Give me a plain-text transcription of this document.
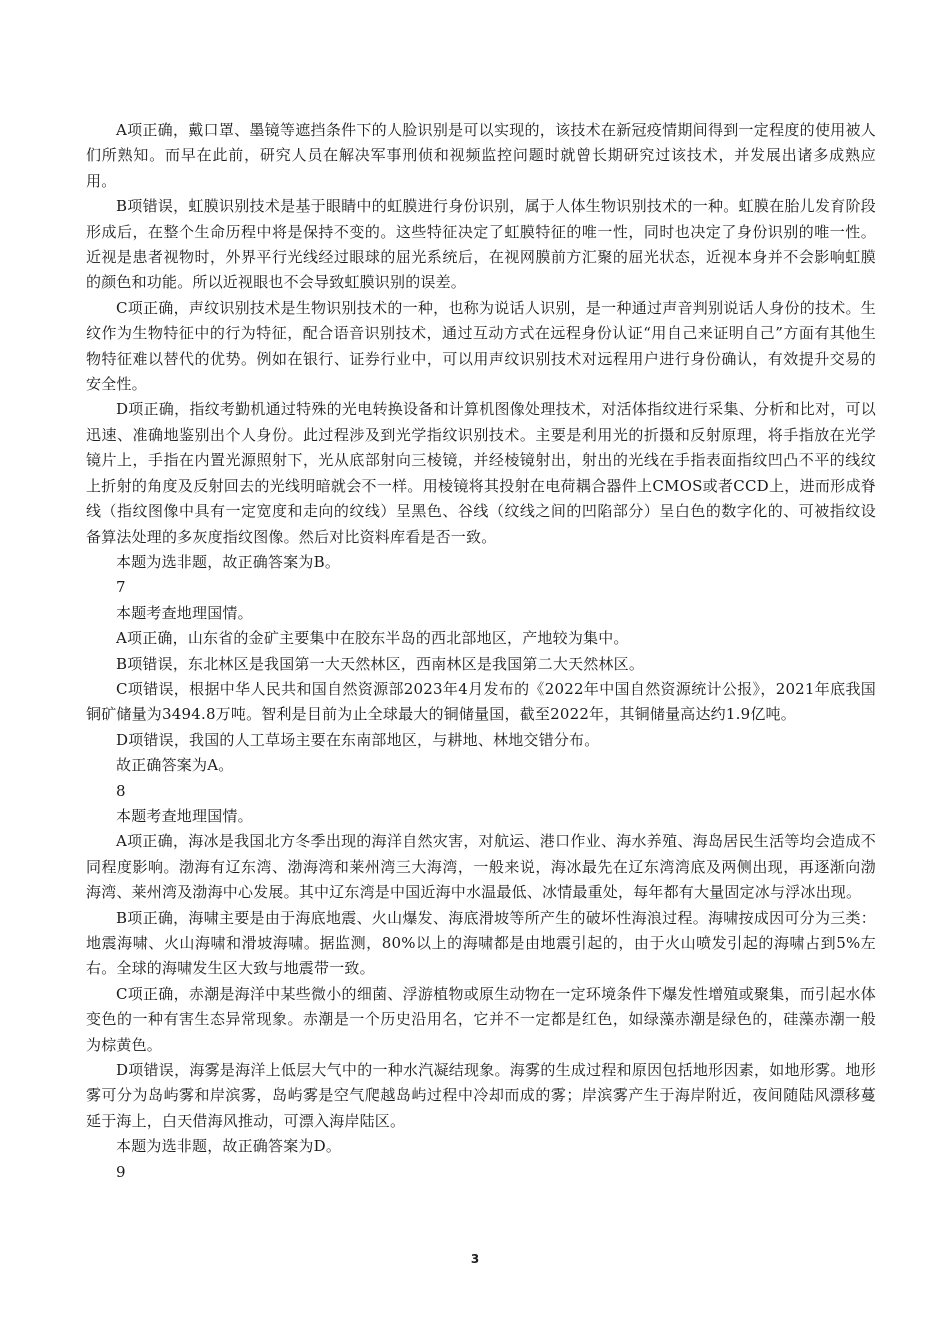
A项正确，戴口罩、墨镜等遮挡条件下的人脸识别是可以实现的，该技术在新冠疫情期间得到一定程度的使用被人们所熟知。而早在此前，研究人员在解决军事刑侦和视频监控问题时就曾长期研究过该技术，并发展出诸多成熟应用。

B项错误，虹膜识别技术是基于眼睛中的虹膜进行身份识别，属于人体生物识别技术的一种。虹膜在胎儿发育阶段形成后，在整个生命历程中将是保持不变的。这些特征决定了虹膜特征的唯一性，同时也决定了身份识别的唯一性。近视是患者视物时，外界平行光线经过眼球的屈光系统后，在视网膜前方汇聚的屈光状态，近视本身并不会影响虹膜的颜色和功能。所以近视眼也不会导致虹膜识别的误差。

C项正确，声纹识别技术是生物识别技术的一种，也称为说话人识别，是一种通过声音判别说话人身份的技术。生纹作为生物特征中的行为特征，配合语音识别技术，通过互动方式在远程身份认证“用自己来证明自己”方面有其他生物特征难以替代的优势。例如在银行、证券行业中，可以用声纹识别技术对远程用户进行身份确认，有效提升交易的安全性。

D项正确，指纹考勤机通过特殊的光电转换设备和计算机图像处理技术，对活体指纹进行采集、分析和比对，可以迅速、准确地鉴别出个人身份。此过程涉及到光学指纹识别技术。主要是利用光的折摄和反射原理，将手指放在光学镜片上，手指在内置光源照射下，光从底部射向三棱镜，并经棱镜射出，射出的光线在手指表面指纹凹凸不平的线纹上折射的角度及反射回去的光线明暗就会不一样。用棱镜将其投射在电荷耦合器件上CMOS或者CCD上，进而形成脊线（指纹图像中具有一定宽度和走向的纹线）呈黑色、谷线（纹线之间的凹陷部分）呈白色的数字化的、可被指纹设备算法处理的多灰度指纹图像。然后对比资料库看是否一致。

本题为选非题，故正确答案为B。

7

本题考查地理国情。

A项正确，山东省的金矿主要集中在胶东半岛的西北部地区，产地较为集中。

B项错误，东北林区是我国第一大天然林区，西南林区是我国第二大天然林区。

C项错误，根据中华人民共和国自然资源部2023年4月发布的《2022年中国自然资源统计公报》，2021年底我国铜矿储量为3494.8万吨。智利是目前为止全球最大的铜储量国，截至2022年，其铜储量高达约1.9亿吨。

D项错误，我国的人工草场主要在东南部地区，与耕地、林地交错分布。

故正确答案为A。

8

本题考查地理国情。

A项正确，海冰是我国北方冬季出现的海洋自然灾害，对航运、港口作业、海水养殖、海岛居民生活等均会造成不同程度影响。渤海有辽东湾、渤海湾和莱州湾三大海湾，一般来说，海冰最先在辽东湾湾底及两侧出现，再逐渐向渤海湾、莱州湾及渤海中心发展。其中辽东湾是中国近海中水温最低、冰情最重处，每年都有大量固定冰与浮冰出现。

B项正确，海啸主要是由于海底地震、火山爆发、海底滑坡等所产生的破坏性海浪过程。海啸按成因可分为三类：地震海啸、火山海啸和滑坡海啸。据监测，80%以上的海啸都是由地震引起的，由于火山喷发引起的海啸占到5%左右。全球的海啸发生区大致与地震带一致。

C项正确，赤潮是海洋中某些微小的细菌、浮游植物或原生动物在一定环境条件下爆发性增殖或聚集，而引起水体变色的一种有害生态异常现象。赤潮是一个历史沿用名，它并不一定都是红色，如绿藻赤潮是绿色的，硅藻赤潮一般为棕黄色。

D项错误，海雾是海洋上低层大气中的一种水汽凝结现象。海雾的生成过程和原因包括地形因素，如地形雾。地形雾可分为岛屿雾和岸滨雾，岛屿雾是空气爬越岛屿过程中冷却而成的雾；岸滨雾产生于海岸附近，夜间随陆风漂移蔓延于海上，白天借海风推动，可漂入海岸陆区。

本题为选非题，故正确答案为D。

9

3
